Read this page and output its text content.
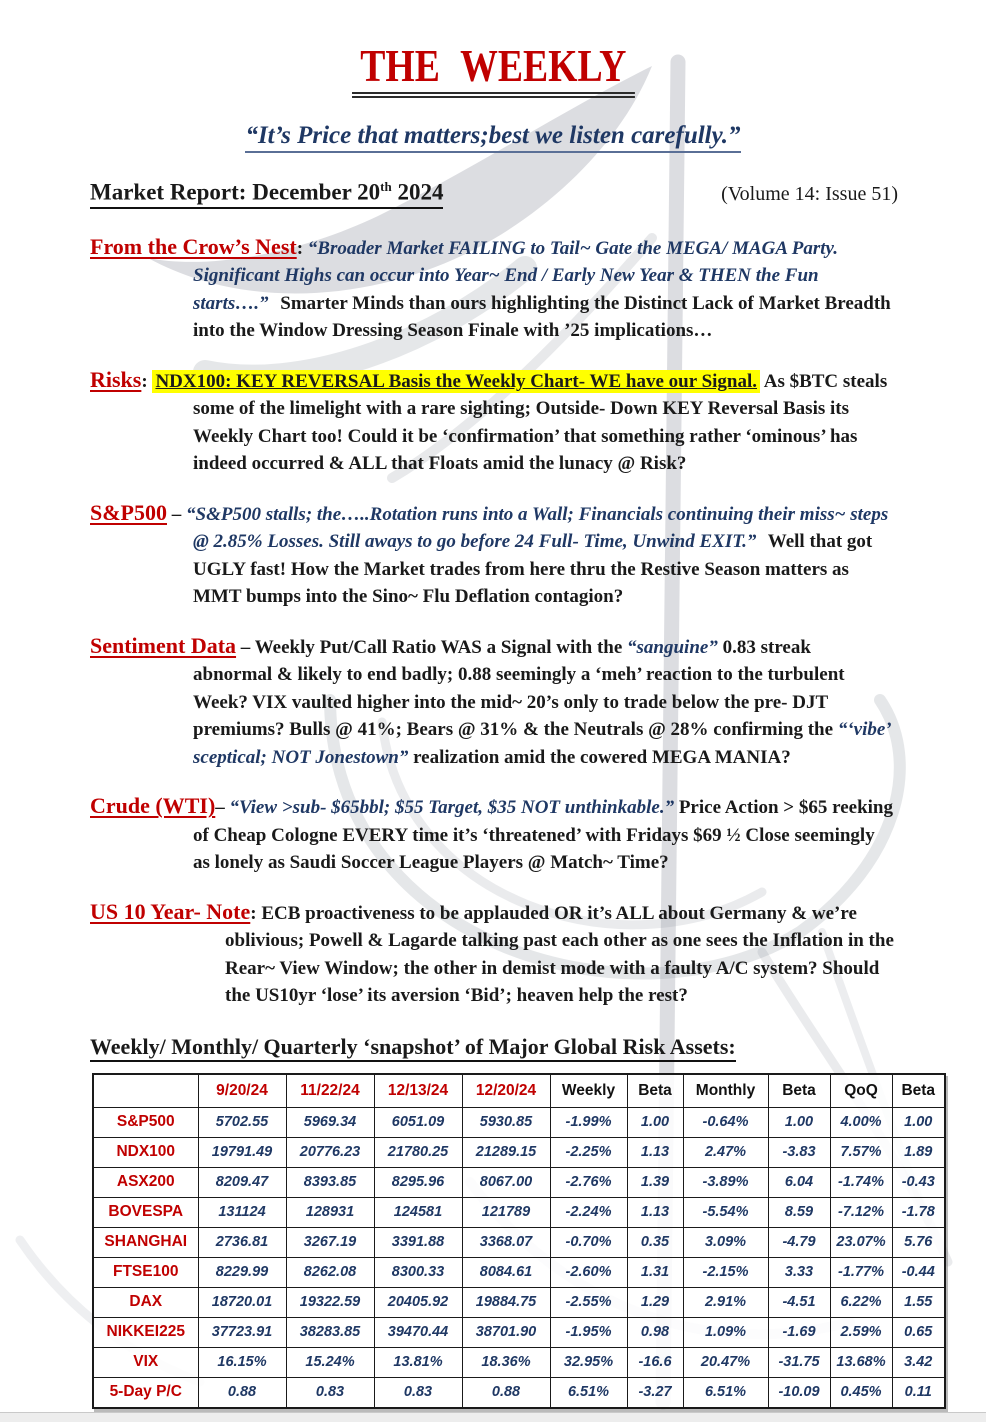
THE WEEKLY
“It’s Price that matters;best we listen carefully.”
Market Report: December 20th 2024	(Volume 14: Issue 51)

From the Crow’s Nest: “Broader Market FAILING to Tail~ Gate the MEGA/ MAGA Party. Significant Highs can occur into Year~ End / Early New Year & THEN the Fun starts….” Smarter Minds than ours highlighting the Distinct Lack of Market Breadth into the Window Dressing Season Finale with ’25 implications…

Risks: NDX100: KEY REVERSAL Basis the Weekly Chart- WE have our Signal. As $BTC steals some of the limelight with a rare sighting; Outside- Down KEY Reversal Basis its Weekly Chart too! Could it be ‘confirmation’ that something rather ‘ominous’ has indeed occurred & ALL that Floats amid the lunacy @ Risk?

S&P500 – “S&P500 stalls; the…..Rotation runs into a Wall; Financials continuing their miss~ steps @ 2.85% Losses. Still aways to go before 24 Full- Time, Unwind EXIT.” Well that got UGLY fast! How the Market trades from here thru the Restive Season matters as MMT bumps into the Sino~ Flu Deflation contagion?

Sentiment Data – Weekly Put/Call Ratio WAS a Signal with the “sanguine” 0.83 streak abnormal & likely to end badly; 0.88 seemingly a ‘meh’ reaction to the turbulent Week? VIX vaulted higher into the mid~ 20’s only to trade below the pre- DJT premiums? Bulls @ 41%; Bears @ 31% & the Neutrals @ 28% confirming the “‘vibe’ sceptical; NOT Jonestown” realization amid the cowered MEGA MANIA?

Crude (WTI)– “View >sub- $65bbl; $55 Target, $35 NOT unthinkable.” Price Action > $65 reeking of Cheap Cologne EVERY time it’s ‘threatened’ with Fridays $69 ½ Close seemingly as lonely as Saudi Soccer League Players @ Match~ Time?

US 10 Year- Note: ECB proactiveness to be applauded OR it’s ALL about Germany & we’re oblivious; Powell & Lagarde talking past each other as one sees the Inflation in the Rear~ View Window; the other in demist mode with a faulty A/C system? Should the US10yr ‘lose’ its aversion ‘Bid’; heaven help the rest?

Weekly/ Monthly/ Quarterly ‘snapshot’ of Major Global Risk Assets:
	9/20/24	11/22/24	12/13/24	12/20/24	Weekly	Beta	Monthly	Beta	QoQ	Beta
S&P500	5702.55	5969.34	6051.09	5930.85	-1.99%	1.00	-0.64%	1.00	4.00%	1.00
NDX100	19791.49	20776.23	21780.25	21289.15	-2.25%	1.13	2.47%	-3.83	7.57%	1.89
ASX200	8209.47	8393.85	8295.96	8067.00	-2.76%	1.39	-3.89%	6.04	-1.74%	-0.43
BOVESPA	131124	128931	124581	121789	-2.24%	1.13	-5.54%	8.59	-7.12%	-1.78
SHANGHAI	2736.81	3267.19	3391.88	3368.07	-0.70%	0.35	3.09%	-4.79	23.07%	5.76
FTSE100	8229.99	8262.08	8300.33	8084.61	-2.60%	1.31	-2.15%	3.33	-1.77%	-0.44
DAX	18720.01	19322.59	20405.92	19884.75	-2.55%	1.29	2.91%	-4.51	6.22%	1.55
NIKKEI225	37723.91	38283.85	39470.44	38701.90	-1.95%	0.98	1.09%	-1.69	2.59%	0.65
VIX	16.15%	15.24%	13.81%	18.36%	32.95%	-16.6	20.47%	-31.75	13.68%	3.42
5-Day P/C	0.88	0.83	0.83	0.88	6.51%	-3.27	6.51%	-10.09	0.45%	0.11
